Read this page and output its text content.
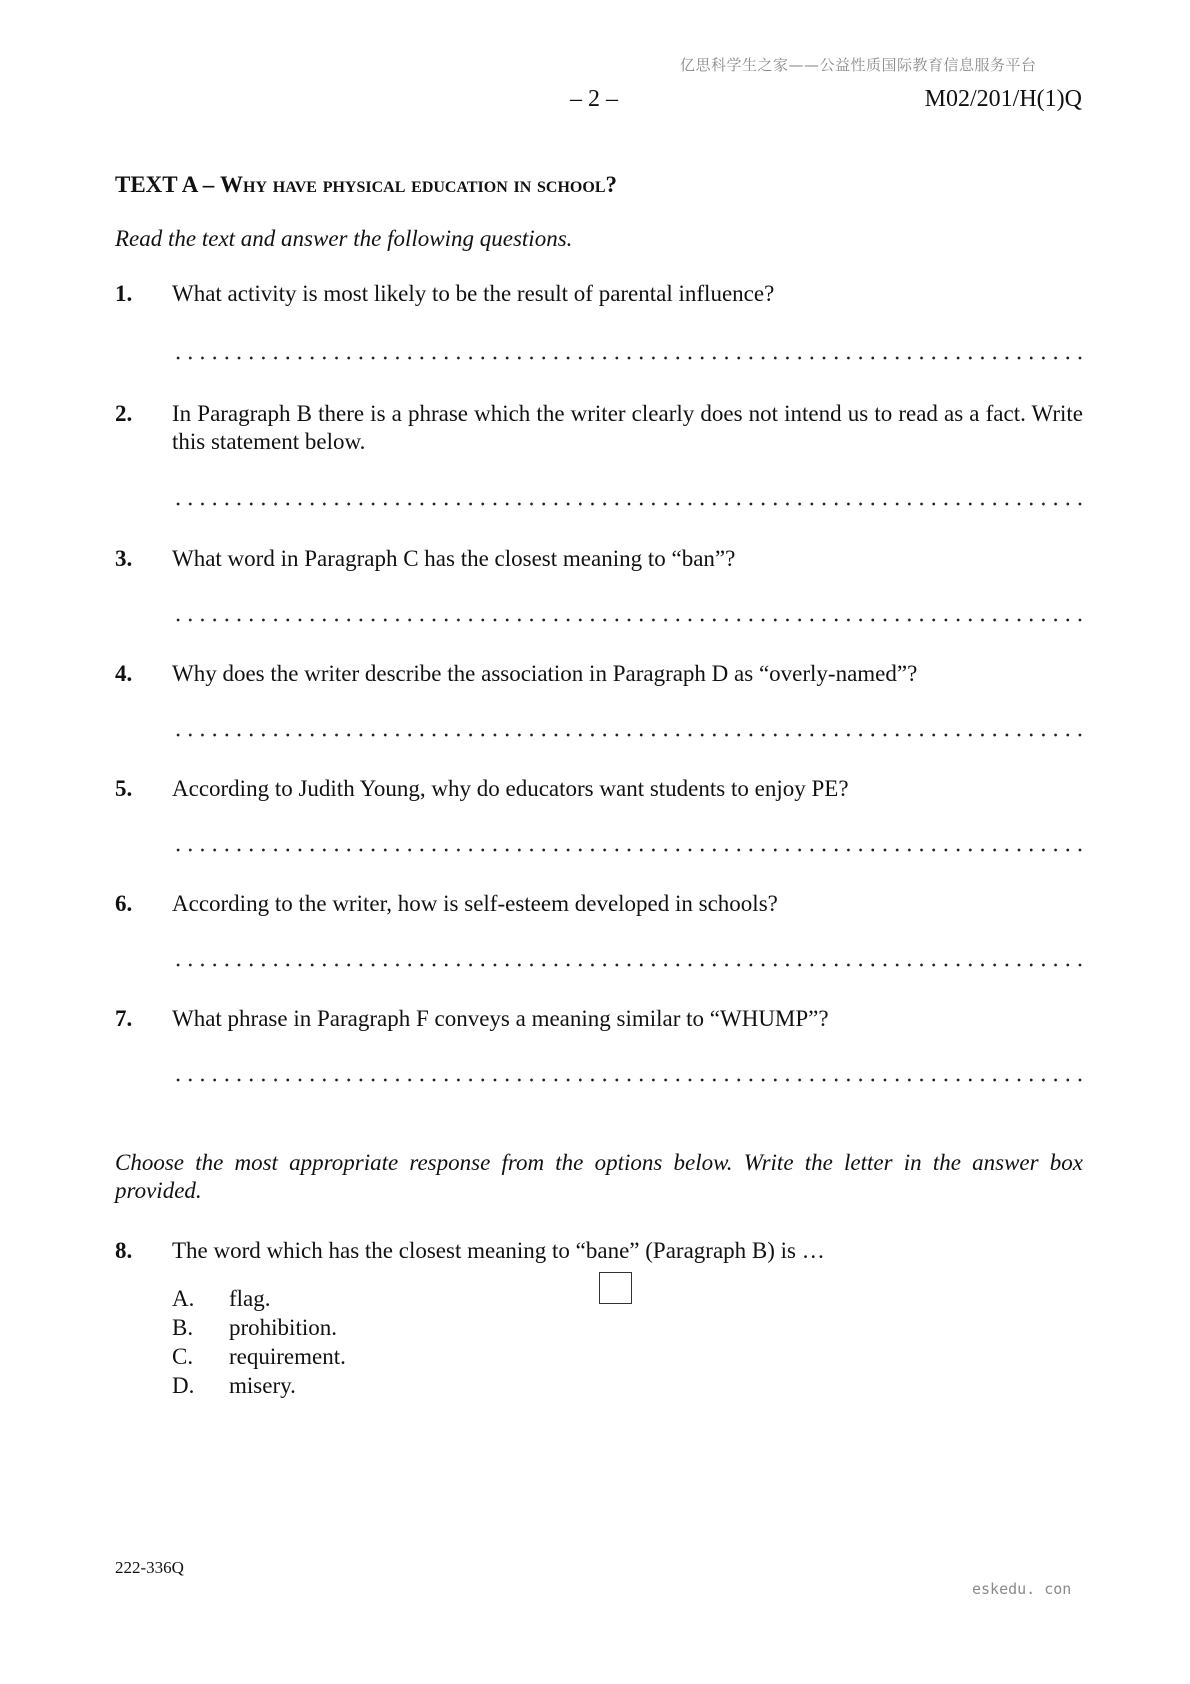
亿思科学生之家——公益性质国际教育信息服务平台
– 2 –	M02/201/H(1)Q
TEXT A – Why have physical education in school?
Read the text and answer the following questions.
1. What activity is most likely to be the result of parental influence?
2. In Paragraph B there is a phrase which the writer clearly does not intend us to read as a fact. Write this statement below.
3. What word in Paragraph C has the closest meaning to “ban”?
4. Why does the writer describe the association in Paragraph D as “overly-named”?
5. According to Judith Young, why do educators want students to enjoy PE?
6. According to the writer, how is self-esteem developed in schools?
7. What phrase in Paragraph F conveys a meaning similar to “WHUMP”?
Choose the most appropriate response from the options below. Write the letter in the answer box provided.
8. The word which has the closest meaning to “bane” (Paragraph B) is …
A. flag.
B. prohibition.
C. requirement.
D. misery.
222-336Q
eskedu. con
